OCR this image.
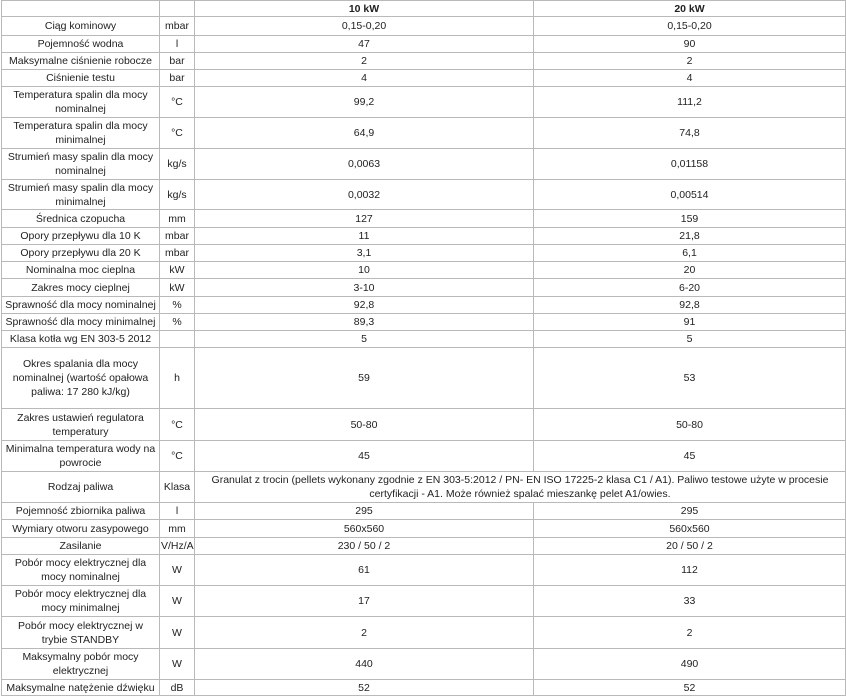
		10 kW	20 kW
Ciąg kominowy	mbar	0,15-0,20	0,15-0,20
Pojemność wodna	l	47	90
Maksymalne ciśnienie robocze	bar	2	2
Ciśnienie testu	bar	4	4
Temperatura spalin dla mocy nominalnej	°C	99,2	111,2
Temperatura spalin dla mocy minimalnej	°C	64,9	74,8
Strumień masy spalin dla mocy nominalnej	kg/s	0,0063	0,01158
Strumień masy spalin dla mocy minimalnej	kg/s	0,0032	0,00514
Średnica czopucha	mm	127	159
Opory przepływu dla 10 K	mbar	11	21,8
Opory przepływu dla 20 K	mbar	3,1	6,1
Nominalna moc cieplna	kW	10	20
Zakres mocy cieplnej	kW	3-10	6-20
Sprawność dla mocy nominalnej	%	92,8	92,8
Sprawność dla mocy minimalnej	%	89,3	91
Klasa kotła wg EN 303-5 2012		5	5
Okres spalania dla mocy nominalnej (wartość opałowa paliwa: 17 280 kJ/kg)	h	59	53
Zakres ustawień regulatora temperatury	°C	50-80	50-80
Minimalna temperatura wody na powrocie	°C	45	45
Rodzaj paliwa	Klasa	Granulat z trocin (pellets wykonany zgodnie z EN 303-5:2012 / PN- EN ISO 17225-2 klasa C1 / A1). Paliwo testowe użyte w procesie certyfikacji - A1. Może również spalać mieszankę pelet A1/owies.	
Pojemność zbiornika paliwa	l	295	295
Wymiary otworu zasypowego	mm	560x560	560x560
Zasilanie	V/Hz/A	230 / 50 / 2	20 / 50 / 2
Pobór mocy elektrycznej dla mocy nominalnej	W	61	112
Pobór mocy elektrycznej dla mocy minimalnej	W	17	33
Pobór mocy elektrycznej w trybie STANDBY	W	2	2
Maksymalny pobór mocy elektrycznej	W	440	490
Maksymalne natężenie dźwięku	dB	52	52
